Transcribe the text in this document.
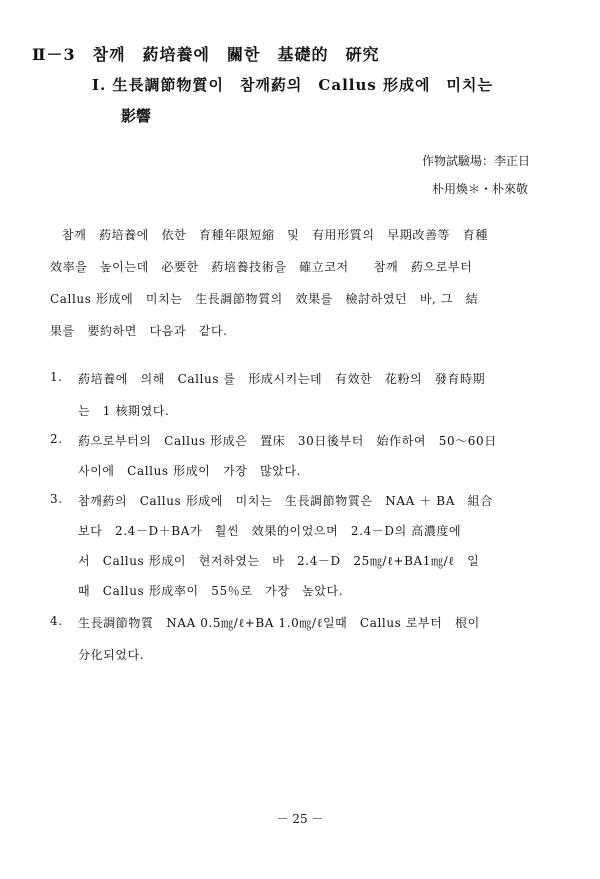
Ⅱ－3　참깨　葯培養에　關한　基礎的　硏究
Ⅰ. 生長調節物質이　참깨葯의　Callus 形成에　미치는
影響
作物試驗場：李正日
朴用煥＊・朴來敬
참깨　葯培養에　依한　育種年限短縮　및　有用形質의　早期改善等　育種
效率을　높이는데　必要한　葯培養技術을　確立코저　　참깨　葯으로부터
Callus 形成에　미치는　生長調節物質의　效果를　檢討하였던　바, 그　結
果를　要約하면　다음과　같다.
1. 葯培養에　의해　Callus 를　形成시키는데　有效한　花粉의　發育時期
는　1 核期였다.
2. 葯으로부터의　Callus 形成은　置床　30日後부터　始作하여　50～60日
사이에　Callus 形成이　가장　많았다.
3. 참깨葯의　Callus 形成에　미치는　生長調節物質은　NAA ＋ BA　組合
보다　2.4－D＋BA가　훨씬　效果的이었으며　2.4－D의 高濃度에
서　Callus 形成이　현저하였는　바　2.4－D　25㎎/ℓ+BA1㎎/ℓ　일
때　Callus 形成率이　55％로　가장　높았다.
4. 生長調節物質　NAA 0.5㎎/ℓ+BA 1.0㎎/ℓ일때　Callus 로부터　根이
分化되었다.
－ 25 －
